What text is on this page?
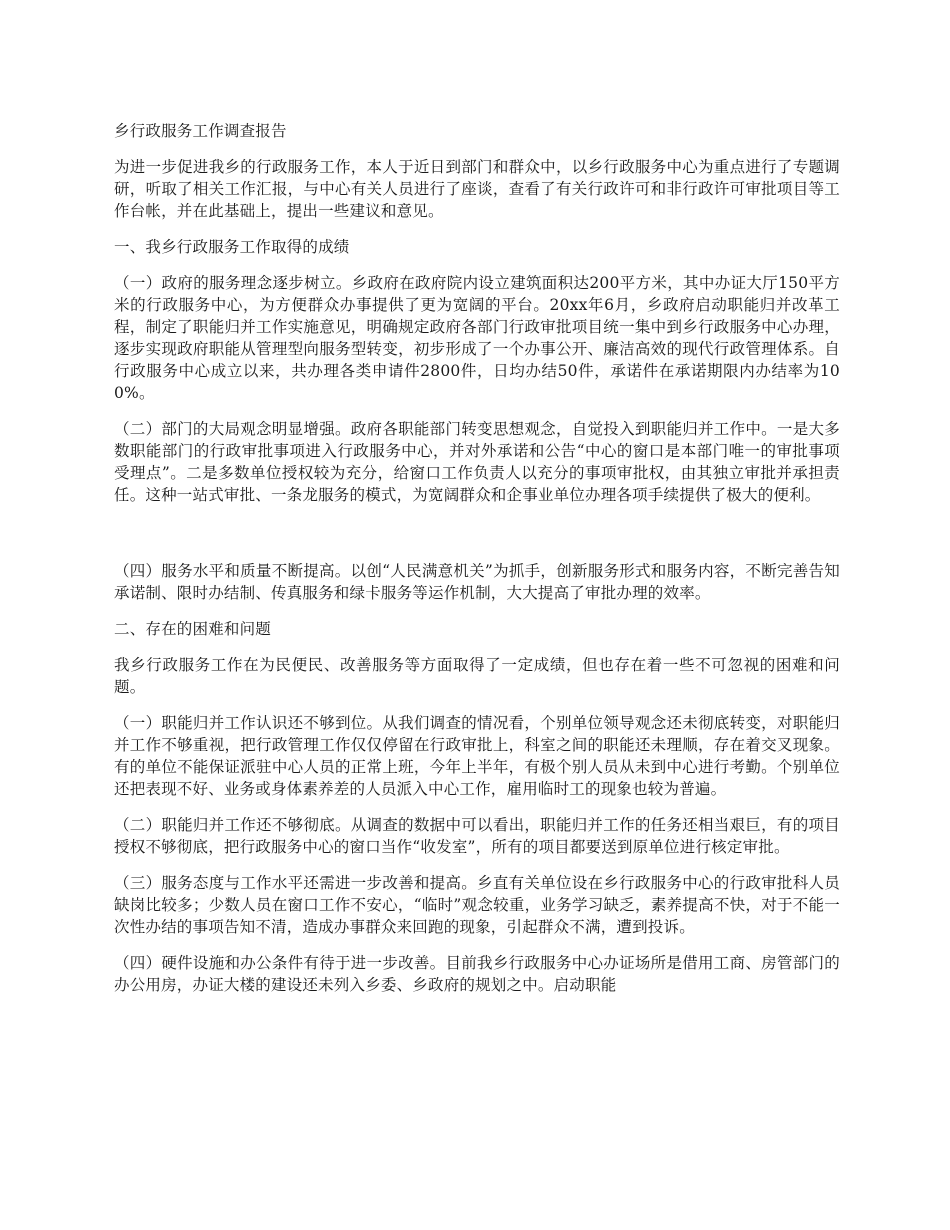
乡行政服务工作调查报告

为进一步促进我乡的行政服务工作，本人于近日到部门和群众中，以乡行政服务中心为重点进行了专题调研，听取了相关工作汇报，与中心有关人员进行了座谈，查看了有关行政许可和非行政许可审批项目等工作台帐，并在此基础上，提出一些建议和意见。

一、我乡行政服务工作取得的成绩

（一）政府的服务理念逐步树立。乡政府在政府院内设立建筑面积达200平方米，其中办证大厅150平方米的行政服务中心，为方便群众办事提供了更为宽阔的平台。20xx年6月，乡政府启动职能归并改革工程，制定了职能归并工作实施意见，明确规定政府各部门行政审批项目统一集中到乡行政服务中心办理，逐步实现政府职能从管理型向服务型转变，初步形成了一个办事公开、廉洁高效的现代行政管理体系。自行政服务中心成立以来，共办理各类申请件2800件，日均办结50件，承诺件在承诺期限内办结率为100%。

（二）部门的大局观念明显增强。政府各职能部门转变思想观念，自觉投入到职能归并工作中。一是大多数职能部门的行政审批事项进入行政服务中心，并对外承诺和公告“中心的窗口是本部门唯一的审批事项受理点”。二是多数单位授权较为充分，给窗口工作负责人以充分的事项审批权，由其独立审批并承担责任。这种一站式审批、一条龙服务的模式，为宽阔群众和企事业单位办理各项手续提供了极大的便利。

（四）服务水平和质量不断提高。以创“人民满意机关”为抓手，创新服务形式和服务内容，不断完善告知承诺制、限时办结制、传真服务和绿卡服务等运作机制，大大提高了审批办理的效率。

二、存在的困难和问题

我乡行政服务工作在为民便民、改善服务等方面取得了一定成绩，但也存在着一些不可忽视的困难和问题。

（一）职能归并工作认识还不够到位。从我们调查的情况看，个别单位领导观念还未彻底转变，对职能归并工作不够重视，把行政管理工作仅仅停留在行政审批上，科室之间的职能还未理顺，存在着交叉现象。有的单位不能保证派驻中心人员的正常上班，今年上半年，有极个别人员从未到中心进行考勤。个别单位还把表现不好、业务或身体素养差的人员派入中心工作，雇用临时工的现象也较为普遍。

（二）职能归并工作还不够彻底。从调查的数据中可以看出，职能归并工作的任务还相当艰巨，有的项目授权不够彻底，把行政服务中心的窗口当作“收发室”，所有的项目都要送到原单位进行核定审批。

（三）服务态度与工作水平还需进一步改善和提高。乡直有关单位设在乡行政服务中心的行政审批科人员缺岗比较多；少数人员在窗口工作不安心，“临时”观念较重，业务学习缺乏，素养提高不快，对于不能一次性办结的事项告知不清，造成办事群众来回跑的现象，引起群众不满，遭到投诉。

（四）硬件设施和办公条件有待于进一步改善。目前我乡行政服务中心办证场所是借用工商、房管部门的办公用房，办证大楼的建设还未列入乡委、乡政府的规划之中。启动职能
